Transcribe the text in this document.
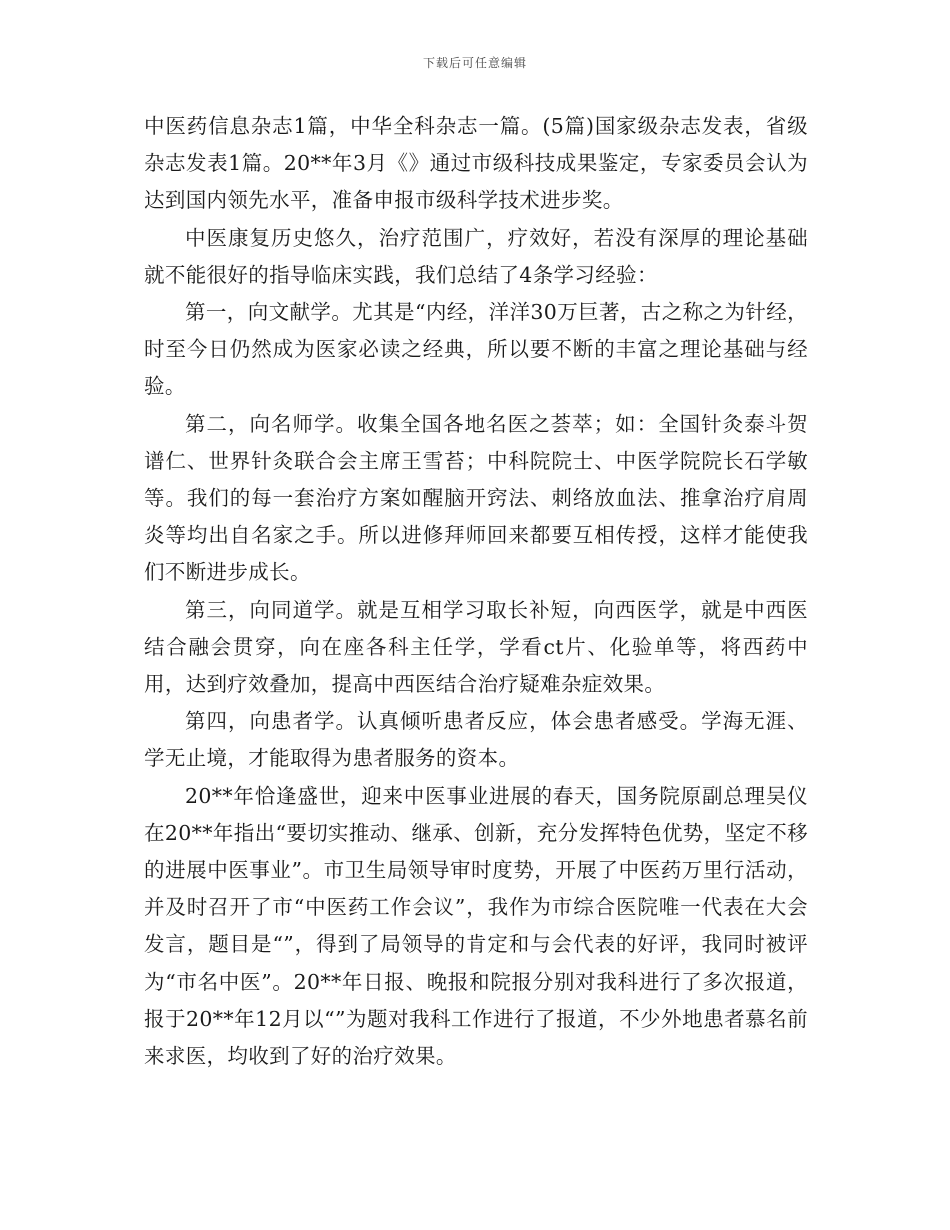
下载后可任意编辑

中医药信息杂志1篇，中华全科杂志一篇。(5篇)国家级杂志发表，省级杂志发表1篇。20**年3月《》通过市级科技成果鉴定，专家委员会认为达到国内领先水平，准备申报市级科学技术进步奖。

中医康复历史悠久，治疗范围广，疗效好，若没有深厚的理论基础就不能很好的指导临床实践，我们总结了4条学习经验：

第一，向文献学。尤其是“内经，洋洋30万巨著，古之称之为针经，时至今日仍然成为医家必读之经典，所以要不断的丰富之理论基础与经验。

第二，向名师学。收集全国各地名医之荟萃；如：全国针灸泰斗贺谱仁、世界针灸联合会主席王雪苔；中科院院士、中医学院院长石学敏等。我们的每一套治疗方案如醒脑开窍法、刺络放血法、推拿治疗肩周炎等均出自名家之手。所以进修拜师回来都要互相传授，这样才能使我们不断进步成长。

第三，向同道学。就是互相学习取长补短，向西医学，就是中西医结合融会贯穿，向在座各科主任学，学看ct片、化验单等，将西药中用，达到疗效叠加，提高中西医结合治疗疑难杂症效果。

第四，向患者学。认真倾听患者反应，体会患者感受。学海无涯、学无止境，才能取得为患者服务的资本。

20**年恰逢盛世，迎来中医事业进展的春天，国务院原副总理吴仪在20**年指出“要切实推动、继承、创新，充分发挥特色优势，坚定不移的进展中医事业”。市卫生局领导审时度势，开展了中医药万里行活动，并及时召开了市“中医药工作会议”，我作为市综合医院唯一代表在大会发言，题目是“”，得到了局领导的肯定和与会代表的好评，我同时被评为“市名中医”。20**年日报、晚报和院报分别对我科进行了多次报道，报于20**年12月以“”为题对我科工作进行了报道，不少外地患者慕名前来求医，均收到了好的治疗效果。
